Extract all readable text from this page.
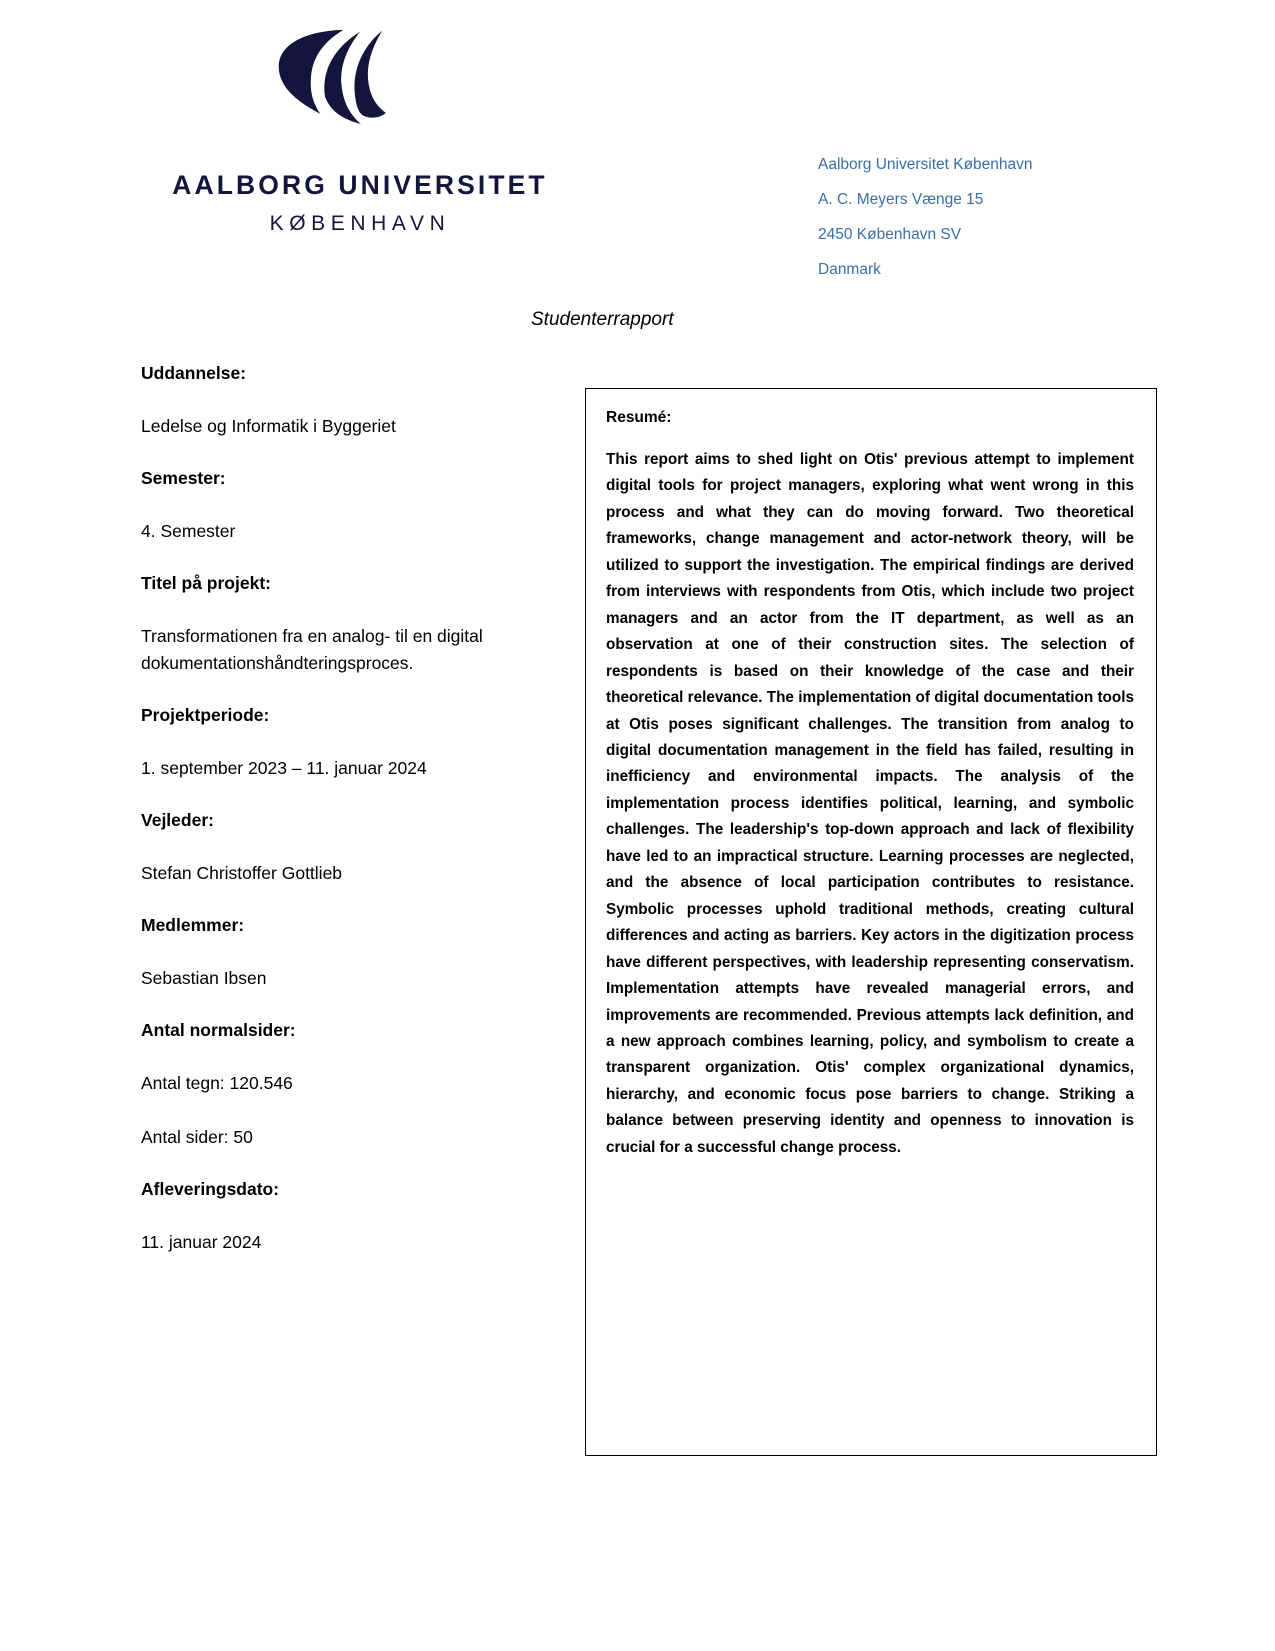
AALBORG UNIVERSITET
KØBENHAVN
Aalborg Universitet København
A. C. Meyers Vænge 15
2450 København SV
Danmark
Studenterrapport

Uddannelse:

Ledelse og Informatik i Byggeriet

Semester:

4. Semester

Titel på projekt:

Transformationen fra en analog- til en digital dokumentationshåndteringsproces.

Projektperiode:

1. september 2023 – 11. januar 2024

Vejleder:

Stefan Christoffer Gottlieb

Medlemmer:

Sebastian Ibsen

Antal normalsider:

Antal tegn: 120.546

Antal sider: 50

Afleveringsdato:

11. januar 2024

Resumé:

This report aims to shed light on Otis' previous attempt to implement digital tools for project managers, exploring what went wrong in this process and what they can do moving forward. Two theoretical frameworks, change management and actor-network theory, will be utilized to support the investigation. The empirical findings are derived from interviews with respondents from Otis, which include two project managers and an actor from the IT department, as well as an observation at one of their construction sites. The selection of respondents is based on their knowledge of the case and their theoretical relevance. The implementation of digital documentation tools at Otis poses significant challenges. The transition from analog to digital documentation management in the field has failed, resulting in inefficiency and environmental impacts. The analysis of the implementation process identifies political, learning, and symbolic challenges. The leadership's top-down approach and lack of flexibility have led to an impractical structure. Learning processes are neglected, and the absence of local participation contributes to resistance. Symbolic processes uphold traditional methods, creating cultural differences and acting as barriers. Key actors in the digitization process have different perspectives, with leadership representing conservatism. Implementation attempts have revealed managerial errors, and improvements are recommended. Previous attempts lack definition, and a new approach combines learning, policy, and symbolism to create a transparent organization. Otis' complex organizational dynamics, hierarchy, and economic focus pose barriers to change. Striking a balance between preserving identity and openness to innovation is crucial for a successful change process.
